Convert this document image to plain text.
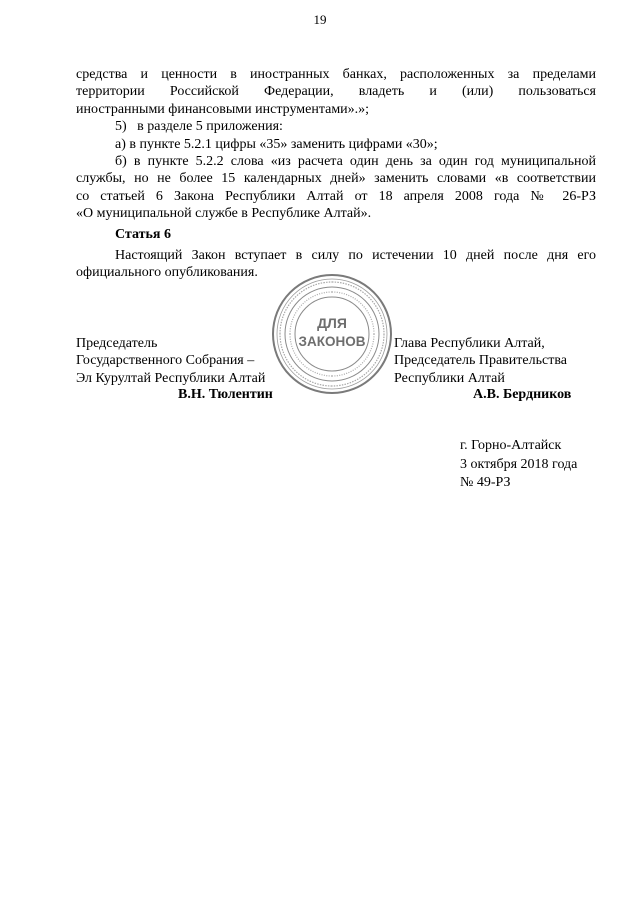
19
средства и ценности в иностранных банках, расположенных за пределами
территории Российской Федерации, владеть и (или) пользоваться
иностранными финансовыми инструментами».»;
5)   в разделе 5 приложения:
а) в пункте 5.2.1 цифры «35» заменить цифрами «30»;
б) в пункте 5.2.2 слова «из расчета один день за один год муниципальной
службы, но не более 15 календарных дней» заменить словами «в соответствии
со статьей 6 Закона Республики Алтай от 18 апреля 2008 года № 26-РЗ
«О муниципальной службе в Республике Алтай».
Статья 6
Настоящий Закон вступает в силу по истечении 10 дней после дня его
официального опубликования.
ДЛЯ
ЗАКОНОВ
Председатель
Государственного Собрания –
Эл Курултай Республики Алтай
В.Н. Тюлентин
Глава Республики Алтай,
Председатель Правительства
Республики Алтай
А.В. Бердников
г. Горно-Алтайск
3 октября 2018 года
№ 49-РЗ
